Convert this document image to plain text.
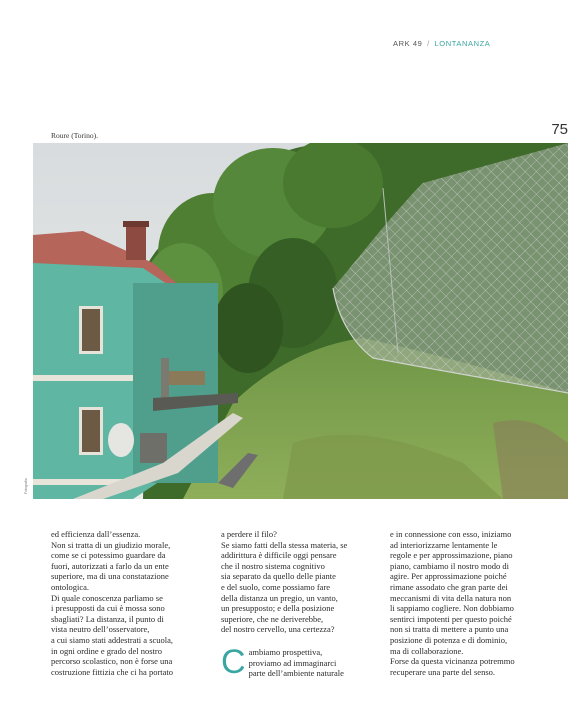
ARK 49 / LONTANANZA
Roure (Torino).	75
Fotografia

ed efficienza dall’essenza.

Non si tratta di un giudizio morale,

come se ci potessimo guardare da

fuori, autorizzati a farlo da un ente

superiore, ma di una constatazione

ontologica.

Di quale conoscenza parliamo se

i presupposti da cui è mossa sono

sbagliati? La distanza, il punto di

vista neutro dell’osservatore,

a cui siamo stati addestrati a scuola,

in ogni ordine e grado del nostro

percorso scolastico, non è forse una

costruzione fittizia che ci ha portato

a perdere il filo?

Se siamo fatti della stessa materia, se

addirittura è difficile oggi pensare

che il nostro sistema cognitivo

sia separato da quello delle piante

e del suolo, come possiamo fare

della distanza un pregio, un vanto,

un presupposto; e della posizione

superiore, che ne deriverebbe,

del nostro cervello, una certezza?

C ambiamo prospettiva,

proviamo ad immaginarci

parte dell’ambiente naturale

e in connessione con esso, iniziamo

ad interiorizzarne lentamente le

regole e per approssimazione, piano

piano, cambiamo il nostro modo di

agire. Per approssimazione poiché

rimane assodato che gran parte dei

meccanismi di vita della natura non

li sappiamo cogliere. Non dobbiamo

sentirci impotenti per questo poiché

non si tratta di mettere a punto una

posizione di potenza e di dominio,

ma di collaborazione.

Forse da questa vicinanza potremmo

recuperare una parte del senso.
